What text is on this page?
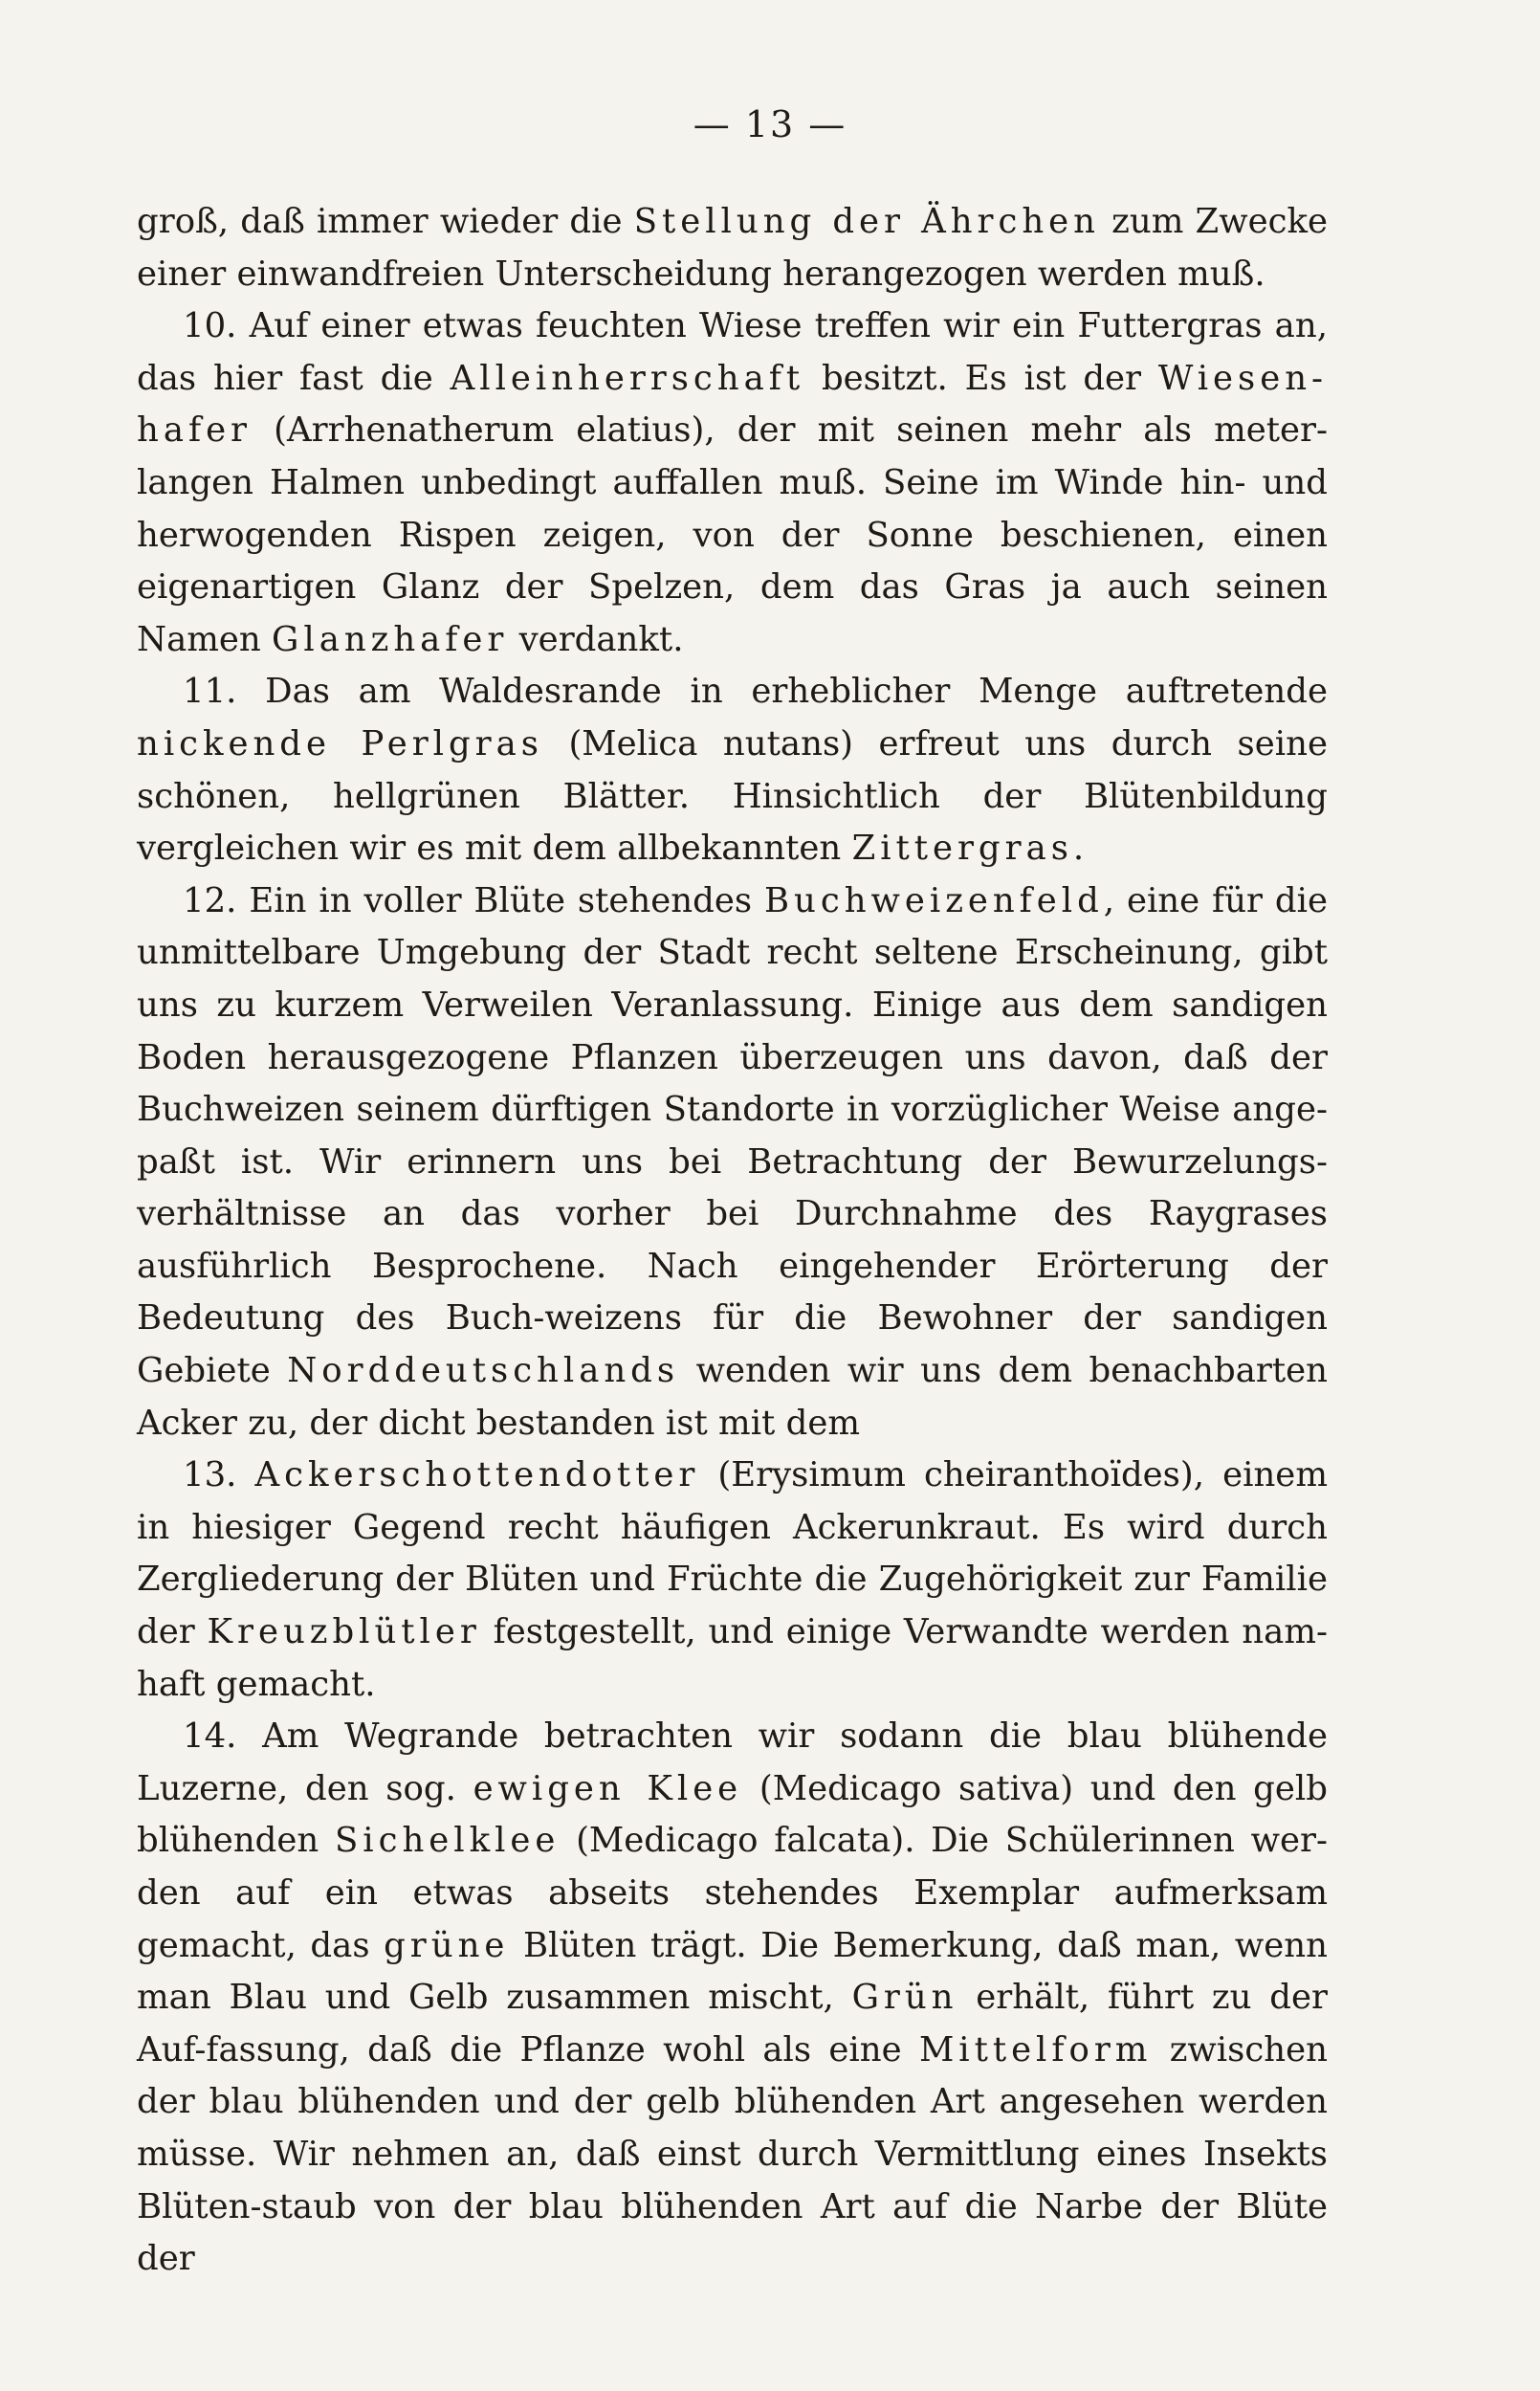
— 13 —

groß, daß immer wieder die Stellung der Ährchen zum Zwecke einer einwandfreien Unterscheidung herangezogen werden muß.

10. Auf einer etwas feuchten Wiese treffen wir ein Futtergras an, das hier fast die Alleinherrschaft besitzt. Es ist der Wiesen-hafer (Arrhenatherum elatius), der mit seinen mehr als meter-langen Halmen unbedingt auffallen muß. Seine im Winde hin- und herwogenden Rispen zeigen, von der Sonne beschienen, einen eigenartigen Glanz der Spelzen, dem das Gras ja auch seinen Namen Glanzhafer verdankt.

11. Das am Waldesrande in erheblicher Menge auftretende nickende Perlgras (Melica nutans) erfreut uns durch seine schönen, hellgrünen Blätter. Hinsichtlich der Blütenbildung vergleichen wir es mit dem allbekannten Zittergras.

12. Ein in voller Blüte stehendes Buchweizenfeld, eine für die unmittelbare Umgebung der Stadt recht seltene Erscheinung, gibt uns zu kurzem Verweilen Veranlassung. Einige aus dem sandigen Boden herausgezogene Pflanzen überzeugen uns davon, daß der Buchweizen seinem dürftigen Standorte in vorzüglicher Weise ange-paßt ist. Wir erinnern uns bei Betrachtung der Bewurzelungs-verhältnisse an das vorher bei Durchnahme des Raygrases ausführlich Besprochene. Nach eingehender Erörterung der Bedeutung des Buch-weizens für die Bewohner der sandigen Gebiete Norddeutschlands wenden wir uns dem benachbarten Acker zu, der dicht bestanden ist mit dem

13. Ackerschottendotter (Erysimum cheiranthoïdes), einem in hiesiger Gegend recht häufigen Ackerunkraut. Es wird durch Zergliederung der Blüten und Früchte die Zugehörigkeit zur Familie der Kreuzblütler festgestellt, und einige Verwandte werden nam-haft gemacht.

14. Am Wegrande betrachten wir sodann die blau blühende Luzerne, den sog. ewigen Klee (Medicago sativa) und den gelb blühenden Sichelklee (Medicago falcata). Die Schülerinnen wer-den auf ein etwas abseits stehendes Exemplar aufmerksam gemacht, das grüne Blüten trägt. Die Bemerkung, daß man, wenn man Blau und Gelb zusammen mischt, Grün erhält, führt zu der Auf-fassung, daß die Pflanze wohl als eine Mittelform zwischen der blau blühenden und der gelb blühenden Art angesehen werden müsse. Wir nehmen an, daß einst durch Vermittlung eines Insekts Blüten-staub von der blau blühenden Art auf die Narbe der Blüte der
